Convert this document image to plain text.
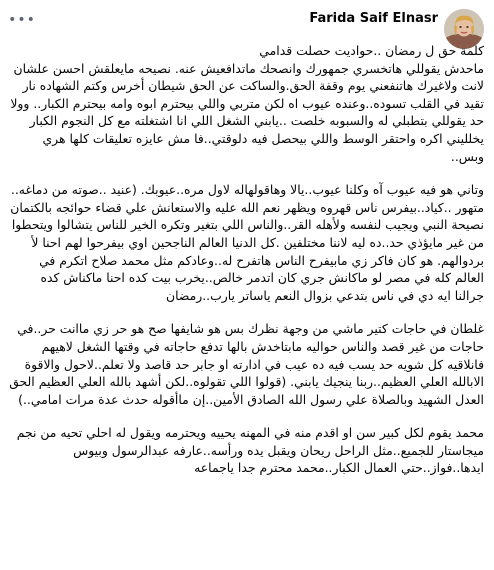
•••	Farida Saif Elnasr

كلمة حق ل رمضان ..حواديت حصلت قدامي
ماحدش يقوللي هاتخسري جمهورك وانصحك ماتدافعيش عنه. نصيحه مايعلقش احسن علشان لانت ولاغيرك هاتنفعني يوم وقفة الحق.والساكت عن الحق شيطان أخرس وكتم الشهاده نار تقيد في القلب تسوده..وعنده عيوب اه لكن متربي واللي بيحترم ابوه وامه بيحترم الكبار.. وولا حد يقوللي بتطبلي له والسبوبه خلصت ..يابني الشغل اللي انا اشتغلته مع كل النجوم الكبار يخلليني اكره واحتقر الوسط واللي بيحصل فيه دلوقتي..فا مش عايزه تعليقات كلها هري وبس..

وتاني هو فيه عيوب آه وكلنا عيوب..يالا وهاقولهاله لاول مره..عيوبك. (عنيد ..صوته من دماغه.. متهور ..كياد..بيفرس ناس قهروه ويظهر نعم الله عليه والاستعانش علي قضاء حوائجه بالكتمان نصيحة النبي ويجيب لنفسه ولأهله القر..والناس اللي بتغير وتكره الخير للناس يتشالوا ويتحطوا من غير مايؤذي حد..ده ليه لاننا مختلفين .كل الدنيا العالم الناجحين اوي بيفرحوا لهم احنا لأ بردوالهم. هو كان فاكر زي مابيفرح الناس هاتفرح له..وعادكم مثل محمد صلاح اتكرم في العالم كله في مصر لو ماكانش جري كان اتدمر خالص..يخرب بيت كده احنا ماكناش كده جرالنا ايه دي في ناس بتدعي بزوال النعم ياساتر يارب..رمضان

غلطان في حاجات كتير ماشي من وجهة نظرك بس هو شايفها صح هو حر زي ماانت حر..في حاجات من غير قصد والناس حواليه مابتاخدش بالها تدفع حاجاته في وقتها الشغل لاهيهم فانلاقيه كل شويه حد يسب فيه ده عيب في ادارته او جابر حد قاصد ولا تعلم..لاحول والاقوة الابالله العلي العظيم..ربنا ينجيك يابني. (قولوا اللي تقولوه..لكن أشهد بالله العلي العظيم الحق العدل الشهيد وبالصلاة علي رسول الله الصادق الأمين..إن ماأقوله حدث عدة مرات امامي..)

محمد يقوم لكل كبير سن او اقدم منه في المهنه يحييه ويحترمه ويقول له احلي تحيه من نجم ميجاستار للجميع..مثل الراحل ريحان ويقبل يده ورأسه..عارفه عبدالرسول وبيوس ايدها..فواز..حتي العمال الكبار..محمد محترم جدا ياجماعه
